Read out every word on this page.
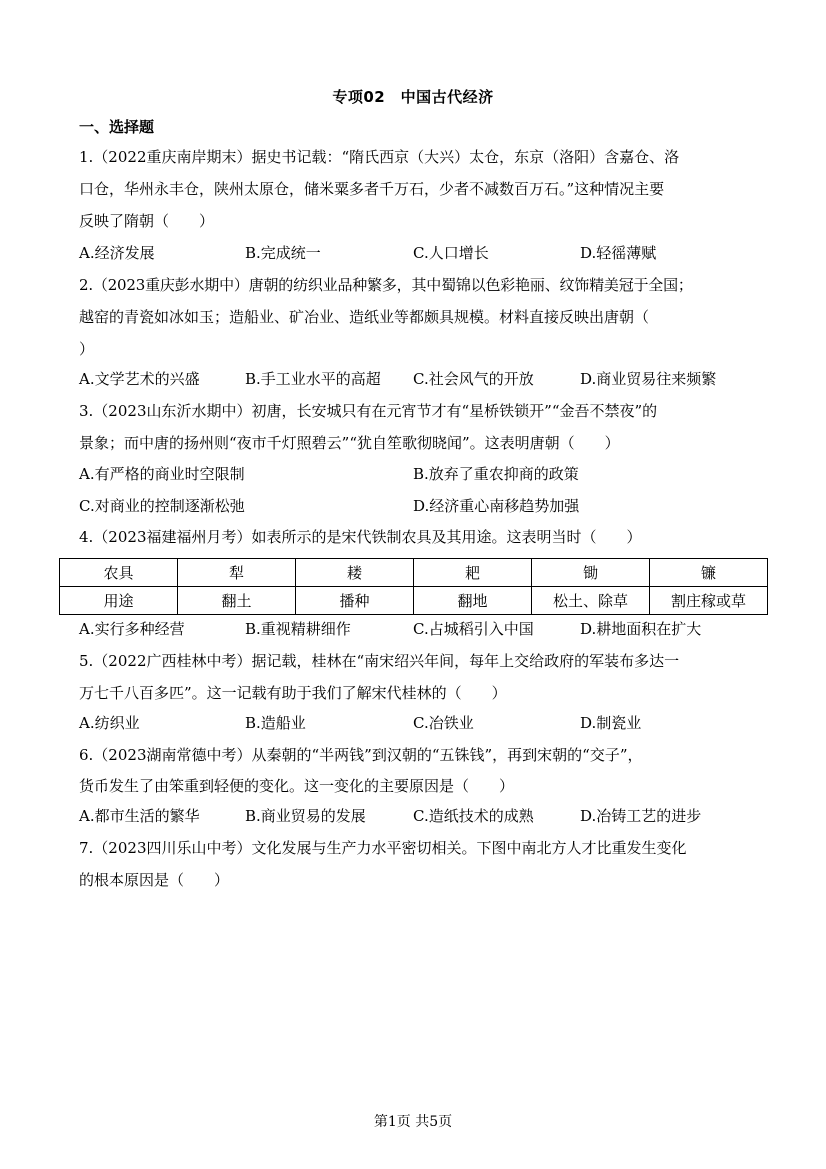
专项02　中国古代经济
一、选择题
1.（2022重庆南岸期末）据史书记载：“隋氏西京（大兴）太仓，东京（洛阳）含嘉仓、洛
口仓，华州永丰仓，陕州太原仓，储米粟多者千万石，少者不减数百万石。”这种情况主要
反映了隋朝（　　）
A.经济发展	B.完成统一	C.人口增长	D.轻徭薄赋
2.（2023重庆彭水期中）唐朝的纺织业品种繁多，其中蜀锦以色彩艳丽、纹饰精美冠于全国；
越窑的青瓷如冰如玉；造船业、矿冶业、造纸业等都颇具规模。材料直接反映出唐朝（
）
A.文学艺术的兴盛	B.手工业水平的高超 C.社会风气的开放	D.商业贸易往来频繁
3.（2023山东沂水期中）初唐，长安城只有在元宵节才有“星桥铁锁开”“金吾不禁夜”的
景象；而中唐的扬州则“夜市千灯照碧云”“犹自笙歌彻晓闻”。这表明唐朝（　　）
A.有严格的商业时空限制	B.放弃了重农抑商的政策
C.对商业的控制逐渐松弛	D.经济重心南移趋势加强
4.（2023福建福州月考）如表所示的是宋代铁制农具及其用途。这表明当时（　　）
农具	犁	耧	耙	锄	镰
用途	翻土	播种	翻地	松土、除草	割庄稼或草
A.实行多种经营	B.重视精耕细作	C.占城稻引入中国	D.耕地面积在扩大
5.（2022广西桂林中考）据记载，桂林在“南宋绍兴年间，每年上交给政府的军装布多达一
万七千八百多匹”。这一记载有助于我们了解宋代桂林的（　　）
A.纺织业	B.造船业	C.冶铁业	D.制瓷业
6.（2023湖南常德中考）从秦朝的“半两钱”到汉朝的“五铢钱”，再到宋朝的“交子”，
货币发生了由笨重到轻便的变化。这一变化的主要原因是（　　）
A.都市生活的繁华	B.商业贸易的发展	C.造纸技术的成熟	D.冶铸工艺的进步
7.（2023四川乐山中考）文化发展与生产力水平密切相关。下图中南北方人才比重发生变化
的根本原因是（　　）
第1页 共5页
